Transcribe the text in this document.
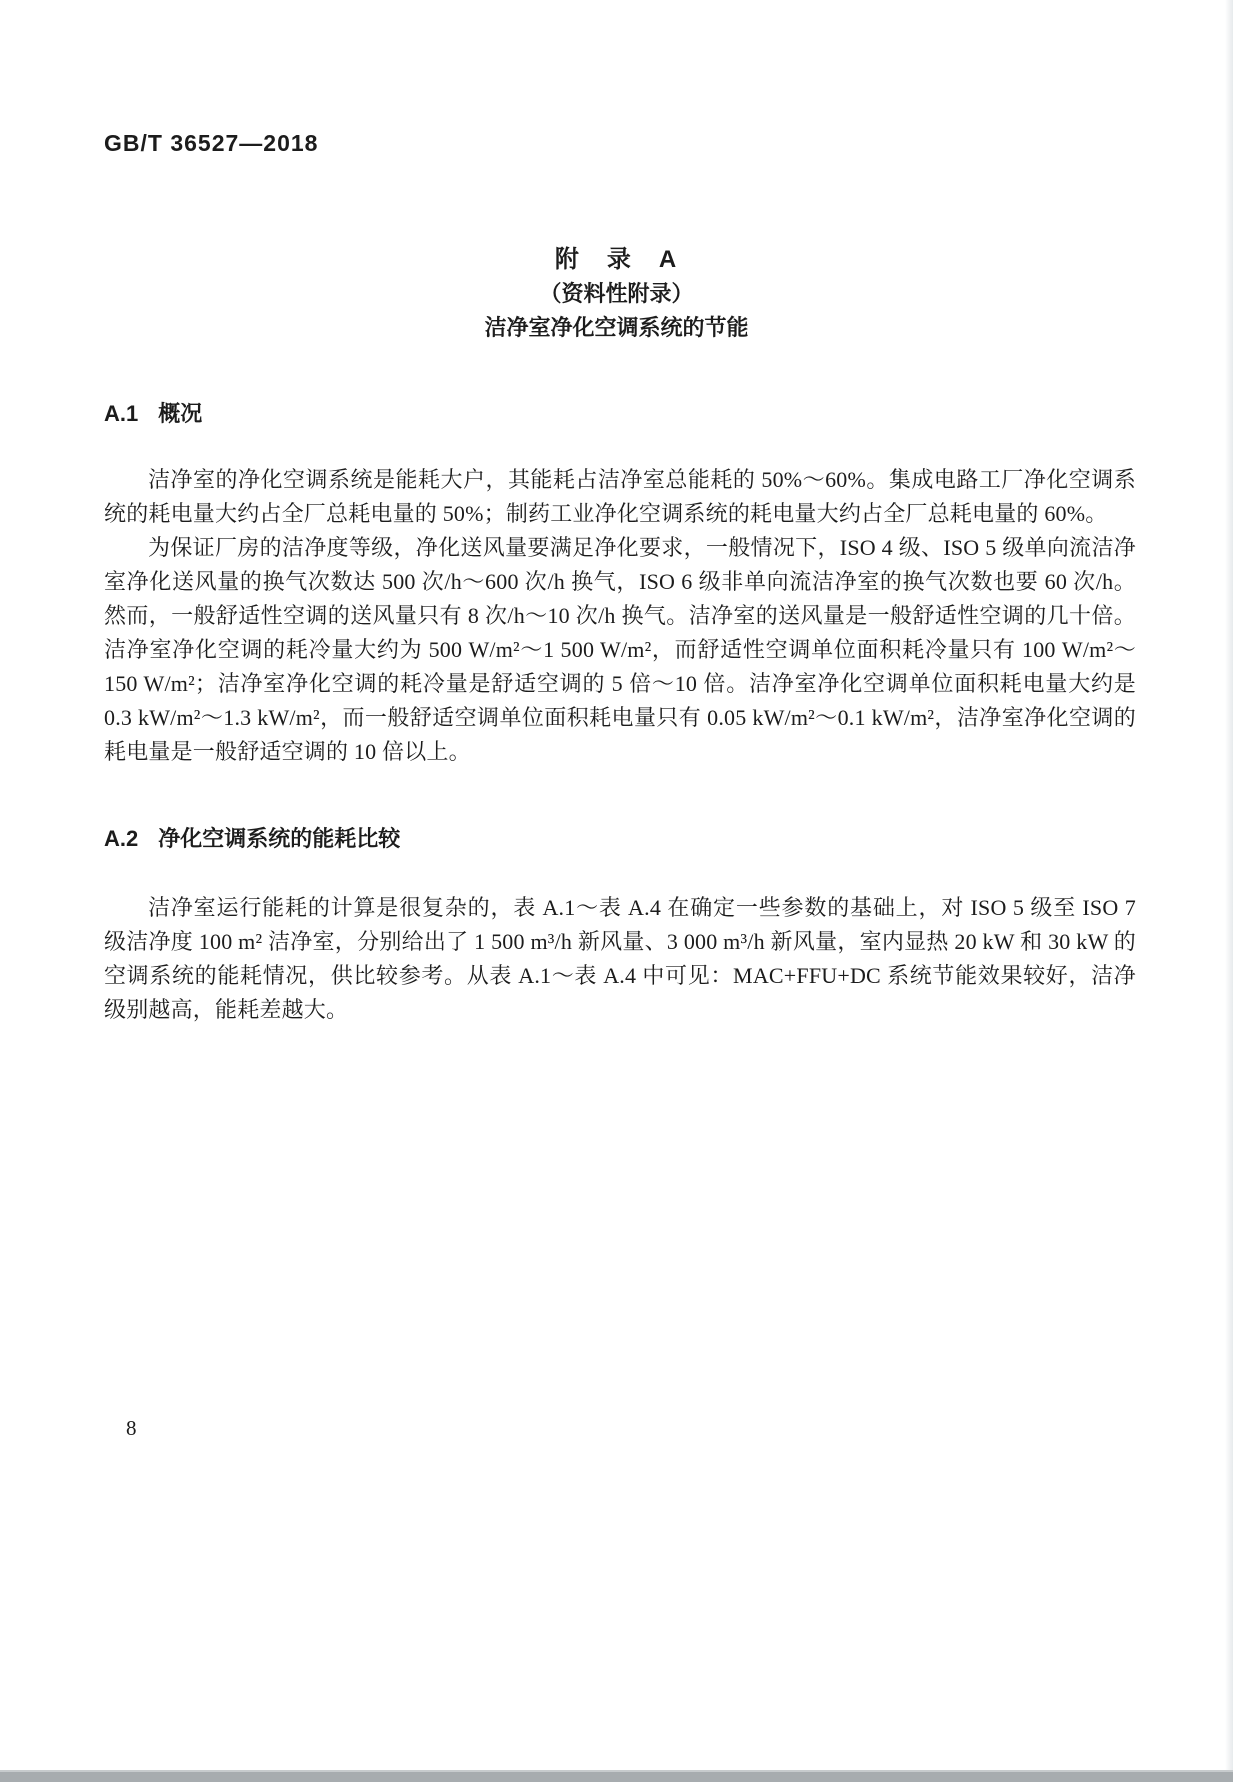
GB/T 36527—2018
附　录　A
（资料性附录）
洁净室净化空调系统的节能
A.1 概况

洁净室的净化空调系统是能耗大户，其能耗占洁净室总能耗的 50%～60%。集成电路工厂净化空调系统的耗电量大约占全厂总耗电量的 50%；制药工业净化空调系统的耗电量大约占全厂总耗电量的 60%。

为保证厂房的洁净度等级，净化送风量要满足净化要求，一般情况下，ISO 4 级、ISO 5 级单向流洁净室净化送风量的换气次数达 500 次/h～600 次/h 换气，ISO 6 级非单向流洁净室的换气次数也要 60 次/h。然而，一般舒适性空调的送风量只有 8 次/h～10 次/h 换气。洁净室的送风量是一般舒适性空调的几十倍。洁净室净化空调的耗冷量大约为 500 W/m²～1 500 W/m²，而舒适性空调单位面积耗冷量只有 100 W/m²～150 W/m²；洁净室净化空调的耗冷量是舒适空调的 5 倍～10 倍。洁净室净化空调单位面积耗电量大约是 0.3 kW/m²～1.3 kW/m²，而一般舒适空调单位面积耗电量只有 0.05 kW/m²～0.1 kW/m²，洁净室净化空调的耗电量是一般舒适空调的 10 倍以上。

A.2 净化空调系统的能耗比较

洁净室运行能耗的计算是很复杂的，表 A.1～表 A.4 在确定一些参数的基础上，对 ISO 5 级至 ISO 7 级洁净度 100 m² 洁净室，分别给出了 1 500 m³/h 新风量、3 000 m³/h 新风量，室内显热 20 kW 和 30 kW 的空调系统的能耗情况，供比较参考。从表 A.1～表 A.4 中可见：MAC+FFU+DC 系统节能效果较好，洁净级别越高，能耗差越大。

8
